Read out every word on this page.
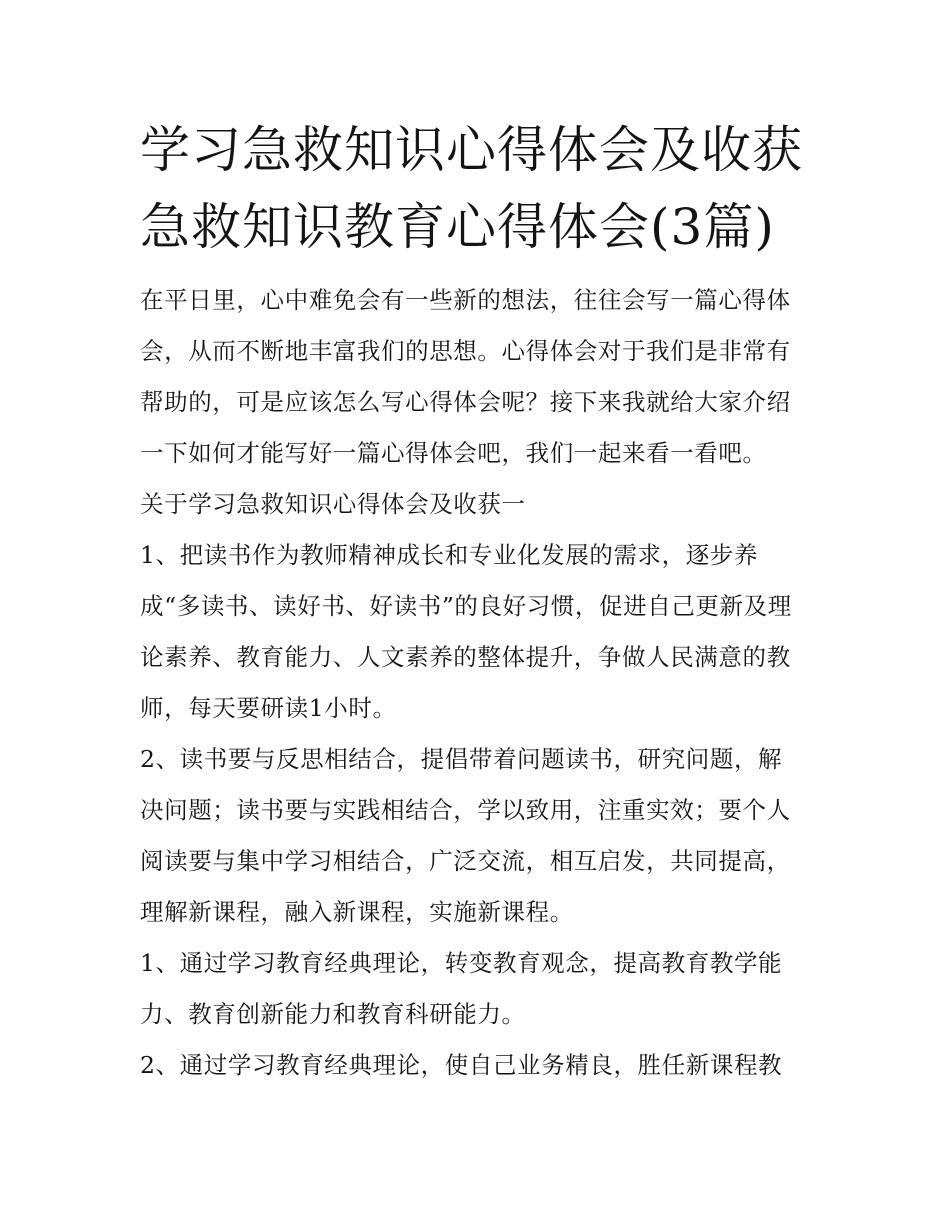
学习急救知识心得体会及收获
急救知识教育心得体会(3篇)
在平日里，心中难免会有一些新的想法，往往会写一篇心得体
会，从而不断地丰富我们的思想。心得体会对于我们是非常有
帮助的，可是应该怎么写心得体会呢？接下来我就给大家介绍
一下如何才能写好一篇心得体会吧，我们一起来看一看吧。
关于学习急救知识心得体会及收获一
1、把读书作为教师精神成长和专业化发展的需求，逐步养
成“多读书、读好书、好读书”的良好习惯，促进自己更新及理
论素养、教育能力、人文素养的整体提升，争做人民满意的教
师，每天要研读1小时。
2、读书要与反思相结合，提倡带着问题读书，研究问题，解
决问题；读书要与实践相结合，学以致用，注重实效；要个人
阅读要与集中学习相结合，广泛交流，相互启发，共同提高，
理解新课程，融入新课程，实施新课程。
1、通过学习教育经典理论，转变教育观念，提高教育教学能
力、教育创新能力和教育科研能力。
2、通过学习教育经典理论，使自己业务精良，胜任新课程教
